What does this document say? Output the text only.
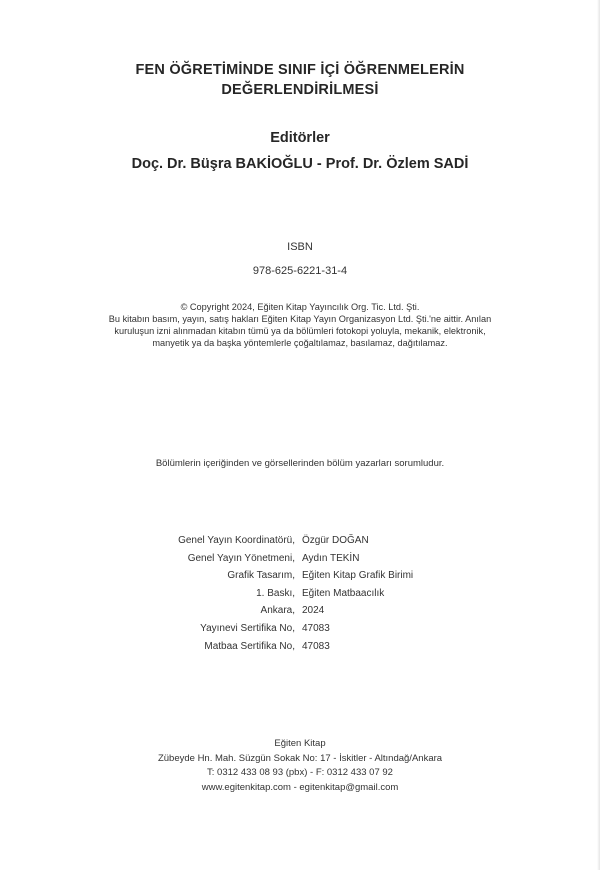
FEN ÖĞRETİMİNDE SINIF İÇİ ÖĞRENMELERİN
DEĞERLENDİRİLMESİ
Editörler
Doç. Dr. Büşra BAKİOĞLU - Prof. Dr. Özlem SADİ
ISBN
978-625-6221-31-4

© Copyright 2024, Eğiten Kitap Yayıncılık Org. Tic. Ltd. Şti.

Bu kitabın basım, yayın, satış hakları Eğiten Kitap Yayın Organizasyon Ltd. Şti.'ne aittir. Anılan

kuruluşun izni alınmadan kitabın tümü ya da bölümleri fotokopi yoluyla, mekanik, elektronik,

manyetik ya da başka yöntemlerle çoğaltılamaz, basılamaz, dağıtılamaz.

Bölümlerin içeriğinden ve görsellerinden bölüm yazarları sorumludur.
Genel Yayın Koordinatörü, Özgür DOĞAN
Genel Yayın Yönetmeni, Aydın TEKİN
Grafik Tasarım, Eğiten Kitap Grafik Birimi
1. Baskı, Eğiten Matbaacılık
Ankara, 2024
Yayınevi Sertifika No, 47083
Matbaa Sertifika No, 47083
Eğiten Kitap
Zübeyde Hn. Mah. Süzgün Sokak No: 17 - İskitler - Altındağ/Ankara
T: 0312 433 08 93 (pbx) - F: 0312 433 07 92
www.egitenkitap.com - egitenkitap@gmail.com
